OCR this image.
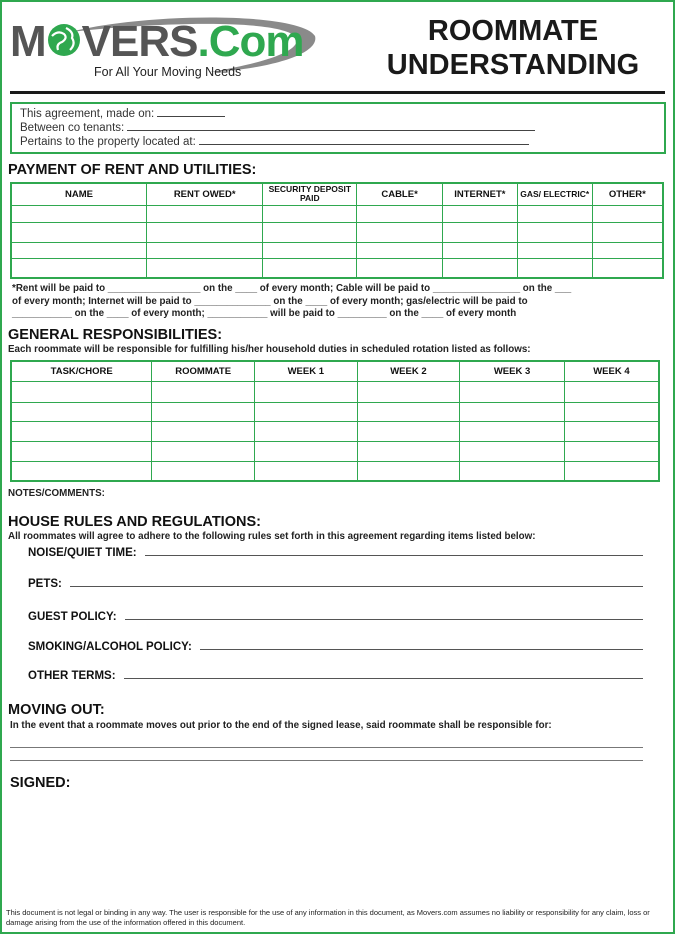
M VERS.Com
For All Your Moving Needs
ROOMMATE
UNDERSTANDING
This agreement, made on:
Between co tenants:
Pertains to the property located at:
PAYMENT OF RENT AND UTILITIES:
NAME	RENT OWED*	SECURITY DEPOSIT PAID	CABLE*	INTERNET*	GAS/ ELECTRIC*	OTHER*

*Rent will be paid to _________________ on the ____ of every month; Cable will be paid to ________________ on the ___
of every month; Internet will be paid to ______________ on the ____ of every month; gas/electric will be paid to
___________ on the ____ of every month; ___________ will be paid to _________ on the ____ of every month
GENERAL RESPONSIBILITIES:
Each roommate will be responsible for fulfilling his/her household duties in scheduled rotation listed as follows:
TASK/CHORE	ROOMMATE	WEEK 1	WEEK 2	WEEK 3	WEEK 4

NOTES/COMMENTS:
HOUSE RULES AND REGULATIONS:
All roommates will agree to adhere to the following rules set forth in this agreement regarding items listed below:
NOISE/QUIET TIME:
PETS:
GUEST POLICY:
SMOKING/ALCOHOL POLICY:
OTHER TERMS:
MOVING OUT:
In the event that a roommate moves out prior to the end of the signed lease, said roommate shall be responsible for:
SIGNED:
This document is not legal or binding in any way. The user is responsible for the use of any information in this document, as Movers.com assumes no liability or responsibility for any claim, loss or damage arising from the use of the information offered in this document.
